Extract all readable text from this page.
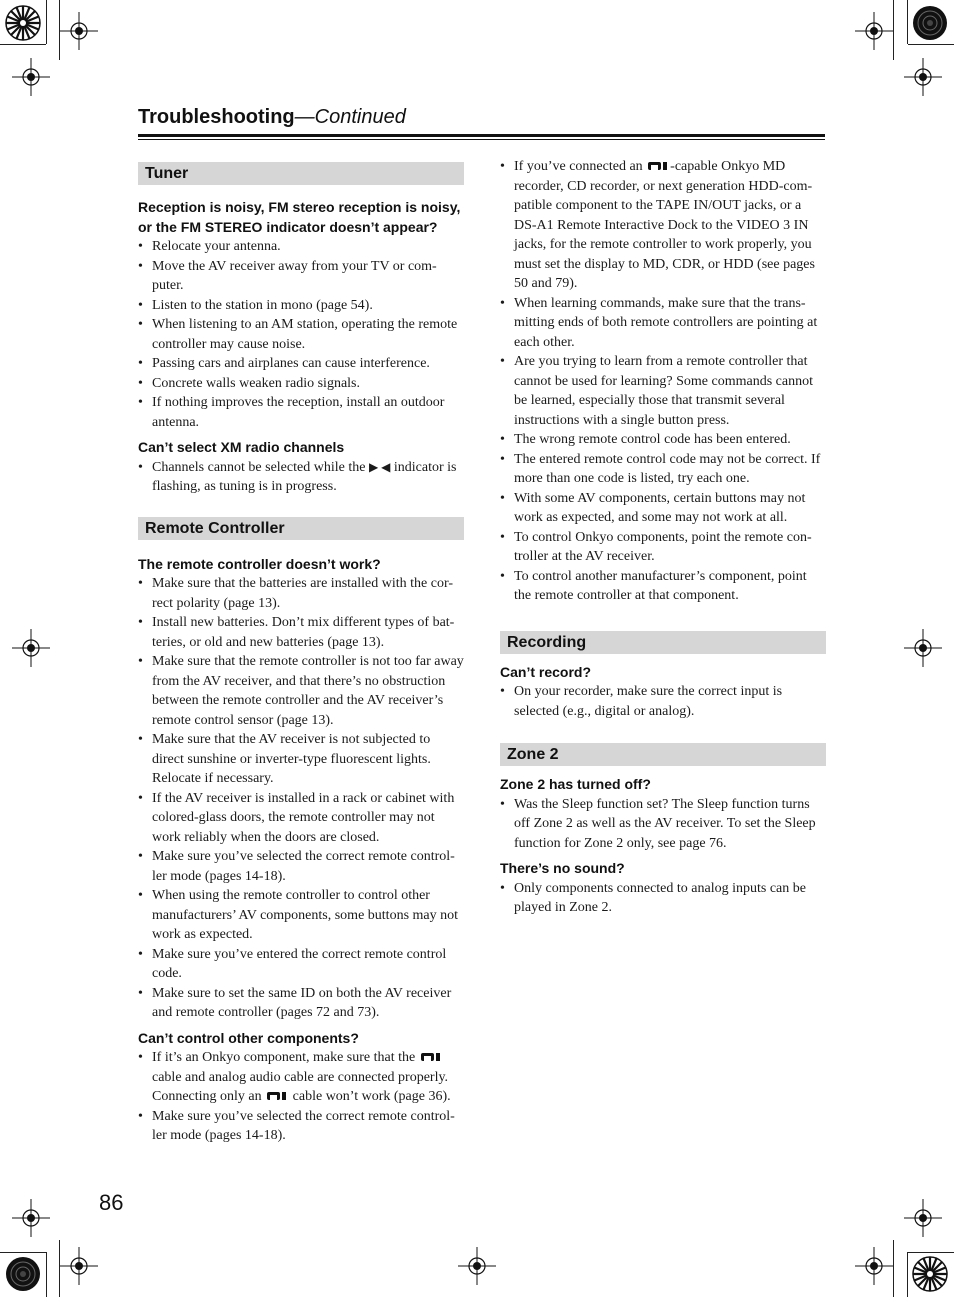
Troubleshooting—Continued
Tuner

Reception is noisy, FM stereo reception is noisy, or the FM STEREO indicator doesn’t appear?

• Relocate your antenna.
• Move the AV receiver away from your TV or com-puter.
• Listen to the station in mono (page 54).
• When listening to an AM station, operating the remote controller may cause noise.
• Passing cars and airplanes can cause interference.
• Concrete walls weaken radio signals.
• If nothing improves the reception, install an outdoor antenna.

Can’t select XM radio channels

• Channels cannot be selected while the ▶ ◀ indicator is flashing, as tuning is in progress.
Remote Controller

The remote controller doesn’t work?

• Make sure that the batteries are installed with the cor-rect polarity (page 13).
• Install new batteries. Don’t mix different types of bat-teries, or old and new batteries (page 13).
• Make sure that the remote controller is not too far away from the AV receiver, and that there’s no obstruction between the remote controller and the AV receiver’s remote control sensor (page 13).
• Make sure that the AV receiver is not subjected to direct sunshine or inverter-type fluorescent lights. Relocate if necessary.
• If the AV receiver is installed in a rack or cabinet with colored-glass doors, the remote controller may not work reliably when the doors are closed.
• Make sure you’ve selected the correct remote control-ler mode (pages 14-18).
• When using the remote controller to control other manufacturers’ AV components, some buttons may not work as expected.
• Make sure you’ve entered the correct remote control code.
• Make sure to set the same ID on both the AV receiver and remote controller (pages 72 and 73).

Can’t control other components?

• If it’s an Onkyo component, make sure that the  cable and analog audio cable are connected properly. Connecting only an cable won’t work (page 36).
• Make sure you’ve selected the correct remote control-ler mode (pages 14-18).
• If you’ve connected an -capable Onkyo MD recorder, CD recorder, or next generation HDD-com-patible component to the TAPE IN/OUT jacks, or a DS-A1 Remote Interactive Dock to the VIDEO 3 IN jacks, for the remote controller to work properly, you must set the display to MD, CDR, or HDD (see pages 50 and 79).
• When learning commands, make sure that the trans-mitting ends of both remote controllers are pointing at each other.
• Are you trying to learn from a remote controller that cannot be used for learning? Some commands cannot be learned, especially those that transmit several instructions with a single button press.
• The wrong remote control code has been entered.
• The entered remote control code may not be correct. If more than one code is listed, try each one.
• With some AV components, certain buttons may not work as expected, and some may not work at all.
• To control Onkyo components, point the remote con-troller at the AV receiver.
• To control another manufacturer’s component, point the remote controller at that component.
Recording

Can’t record?

• On your recorder, make sure the correct input is selected (e.g., digital or analog).
Zone 2

Zone 2 has turned off?

• Was the Sleep function set? The Sleep function turns off Zone 2 as well as the AV receiver. To set the Sleep function for Zone 2 only, see page 76.

There’s no sound?

• Only components connected to analog inputs can be played in Zone 2.
86
